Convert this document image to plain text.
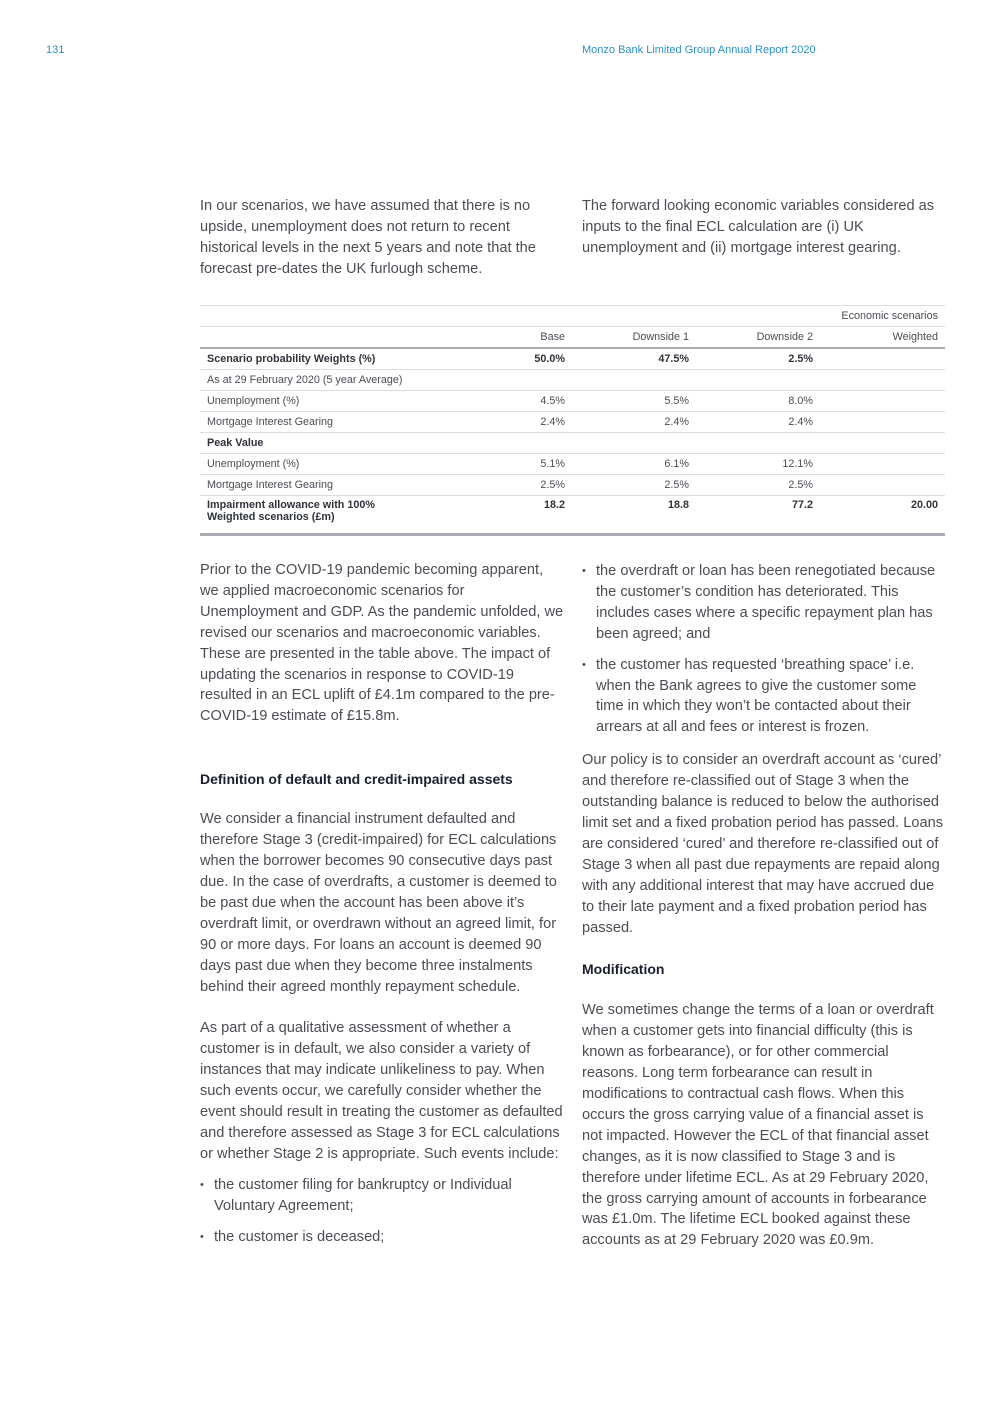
131	Monzo Bank Limited Group Annual Report 2020

In our scenarios, we have assumed that there is no upside, unemployment does not return to recent historical levels in the next 5 years and note that the forecast pre-dates the UK furlough scheme.

The forward looking economic variables considered as inputs to the final ECL calculation are (i) UK unemployment and (ii) mortgage interest gearing.

			Economic scenarios	
	Base	Downside 1	Downside 2	Weighted
Scenario probability Weights (%)	50.0%	47.5%	2.5%	
As at 29 February 2020 (5 year Average)				
Unemployment (%)	4.5%	5.5%	8.0%	
Mortgage Interest Gearing	2.4%	2.4%	2.4%	
Peak Value				
Unemployment (%)	5.1%	6.1%	12.1%	
Mortgage Interest Gearing	2.5%	2.5%	2.5%	

Impairment allowance with 100%
Weighted scenarios (£m)	18.2	18.8	77.2	20.00

Prior to the COVID-19 pandemic becoming apparent, we applied macroeconomic scenarios for Unemployment and GDP. As the pandemic unfolded, we revised our scenarios and macroeconomic variables. These are presented in the table above. The impact of updating the scenarios in response to COVID-19 resulted in an ECL uplift of £4.1m compared to the pre-COVID-19 estimate of £15.8m.

Definition of default and credit-impaired assets

We consider a financial instrument defaulted and therefore Stage 3 (credit-impaired) for ECL calculations when the borrower becomes 90 consecutive days past due. In the case of overdrafts, a customer is deemed to be past due when the account has been above it’s overdraft limit, or overdrawn without an agreed limit, for 90 or more days. For loans an account is deemed 90 days past due when they become three instalments behind their agreed monthly repayment schedule.

As part of a qualitative assessment of whether a customer is in default, we also consider a variety of instances that may indicate unlikeliness to pay. When such events occur, we carefully consider whether the event should result in treating the customer as defaulted and therefore assessed as Stage 3 for ECL calculations or whether Stage 2 is appropriate. Such events include:

• the customer filing for bankruptcy or Individual Voluntary Agreement;
• the customer is deceased;
• the overdraft or loan has been renegotiated because the customer’s condition has deteriorated. This includes cases where a specific repayment plan has been agreed; and
• the customer has requested ‘breathing space’ i.e. when the Bank agrees to give the customer some time in which they won’t be contacted about their arrears at all and fees or interest is frozen.

Our policy is to consider an overdraft account as ‘cured’ and therefore re-classified out of Stage 3 when the outstanding balance is reduced to below the authorised limit set and a fixed probation period has passed. Loans are considered ‘cured’ and therefore re-classified out of Stage 3 when all past due repayments are repaid along with any additional interest that may have accrued due to their late payment and a fixed probation period has passed.

Modification

We sometimes change the terms of a loan or overdraft when a customer gets into financial difficulty (this is known as forbearance), or for other commercial reasons. Long term forbearance can result in modifications to contractual cash flows. When this occurs the gross carrying value of a financial asset is not impacted. However the ECL of that financial asset changes, as it is now classified to Stage 3 and is therefore under lifetime ECL. As at 29 February 2020, the gross carrying amount of accounts in forbearance was £1.0m. The lifetime ECL booked against these accounts as at 29 February 2020 was £0.9m.
